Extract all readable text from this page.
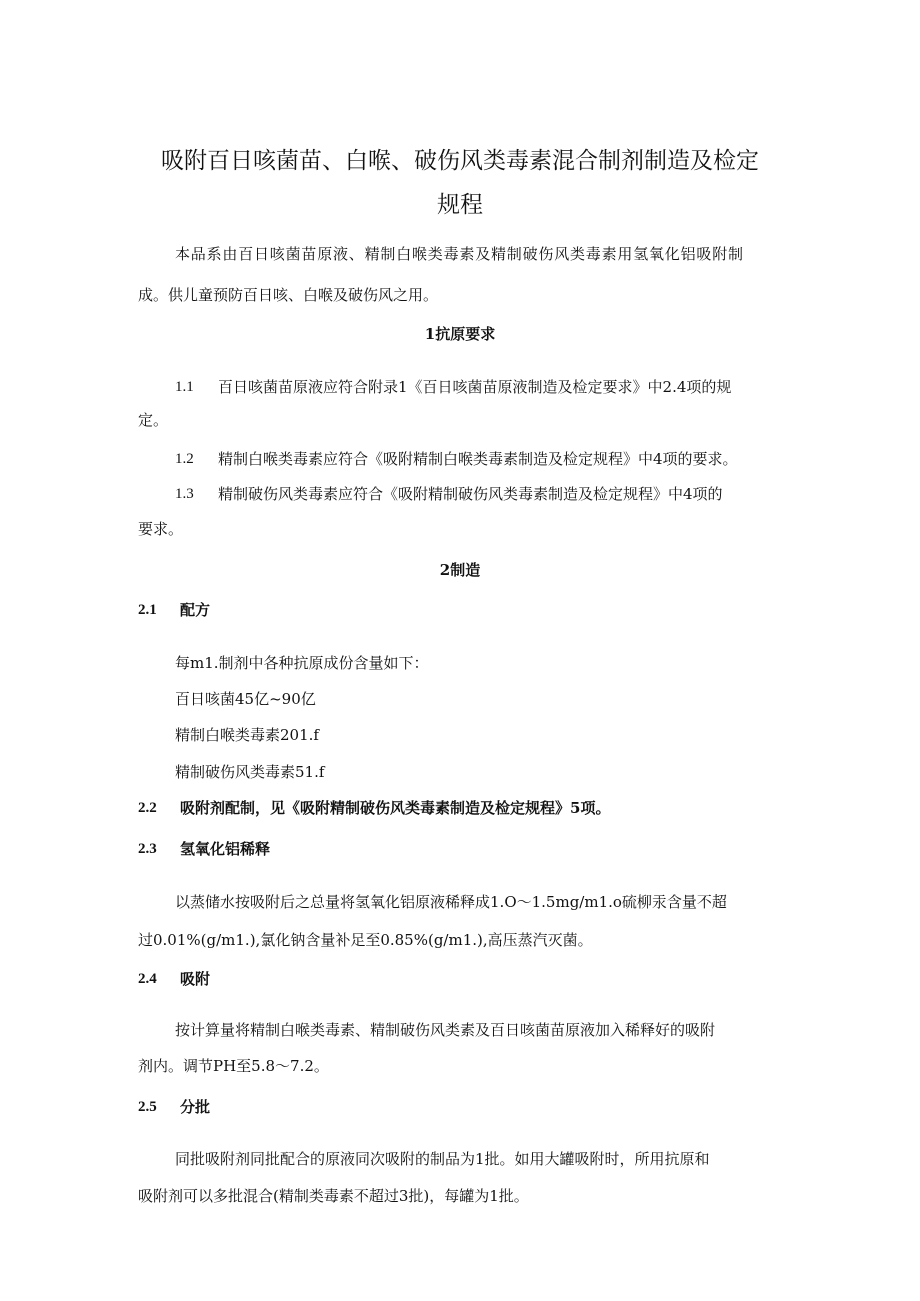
吸附百日咳菌苗、白喉、破伤风类毒素混合制剂制造及检定
规程
本品系由百日咳菌苗原液、精制白喉类毒素及精制破伤风类毒素用氢氧化铝吸附制
成。供儿童预防百日咳、白喉及破伤风之用。
1抗原要求
1.1 百日咳菌苗原液应符合附录1《百日咳菌苗原液制造及检定要求》中2.4项的规
定。
1.2 精制白喉类毒素应符合《吸附精制白喉类毒素制造及检定规程》中4项的要求。
1.3 精制破伤风类毒素应符合《吸附精制破伤风类毒素制造及检定规程》中4项的
要求。
2制造
2.1 配方
每m1.制剂中各种抗原成份含量如下：
百日咳菌45亿~90亿
精制白喉类毒素201.f
精制破伤风类毒素51.f
2.2 吸附剂配制，见《吸附精制破伤风类毒素制造及检定规程》5项。
2.3 氢氧化铝稀释
以蒸储水按吸附后之总量将氢氧化铝原液稀释成1.O～1.5mg/m1.o硫柳汞含量不超
过0.01%(g/m1.),氯化钠含量补足至0.85%(g/m1.),高压蒸汽灭菌。
2.4 吸附
按计算量将精制白喉类毒素、精制破伤风类素及百日咳菌苗原液加入稀释好的吸附
剂内。调节PH至5.8～7.2。
2.5 分批
同批吸附剂同批配合的原液同次吸附的制品为1批。如用大罐吸附时，所用抗原和
吸附剂可以多批混合(精制类毒素不超过3批)，每罐为1批。
